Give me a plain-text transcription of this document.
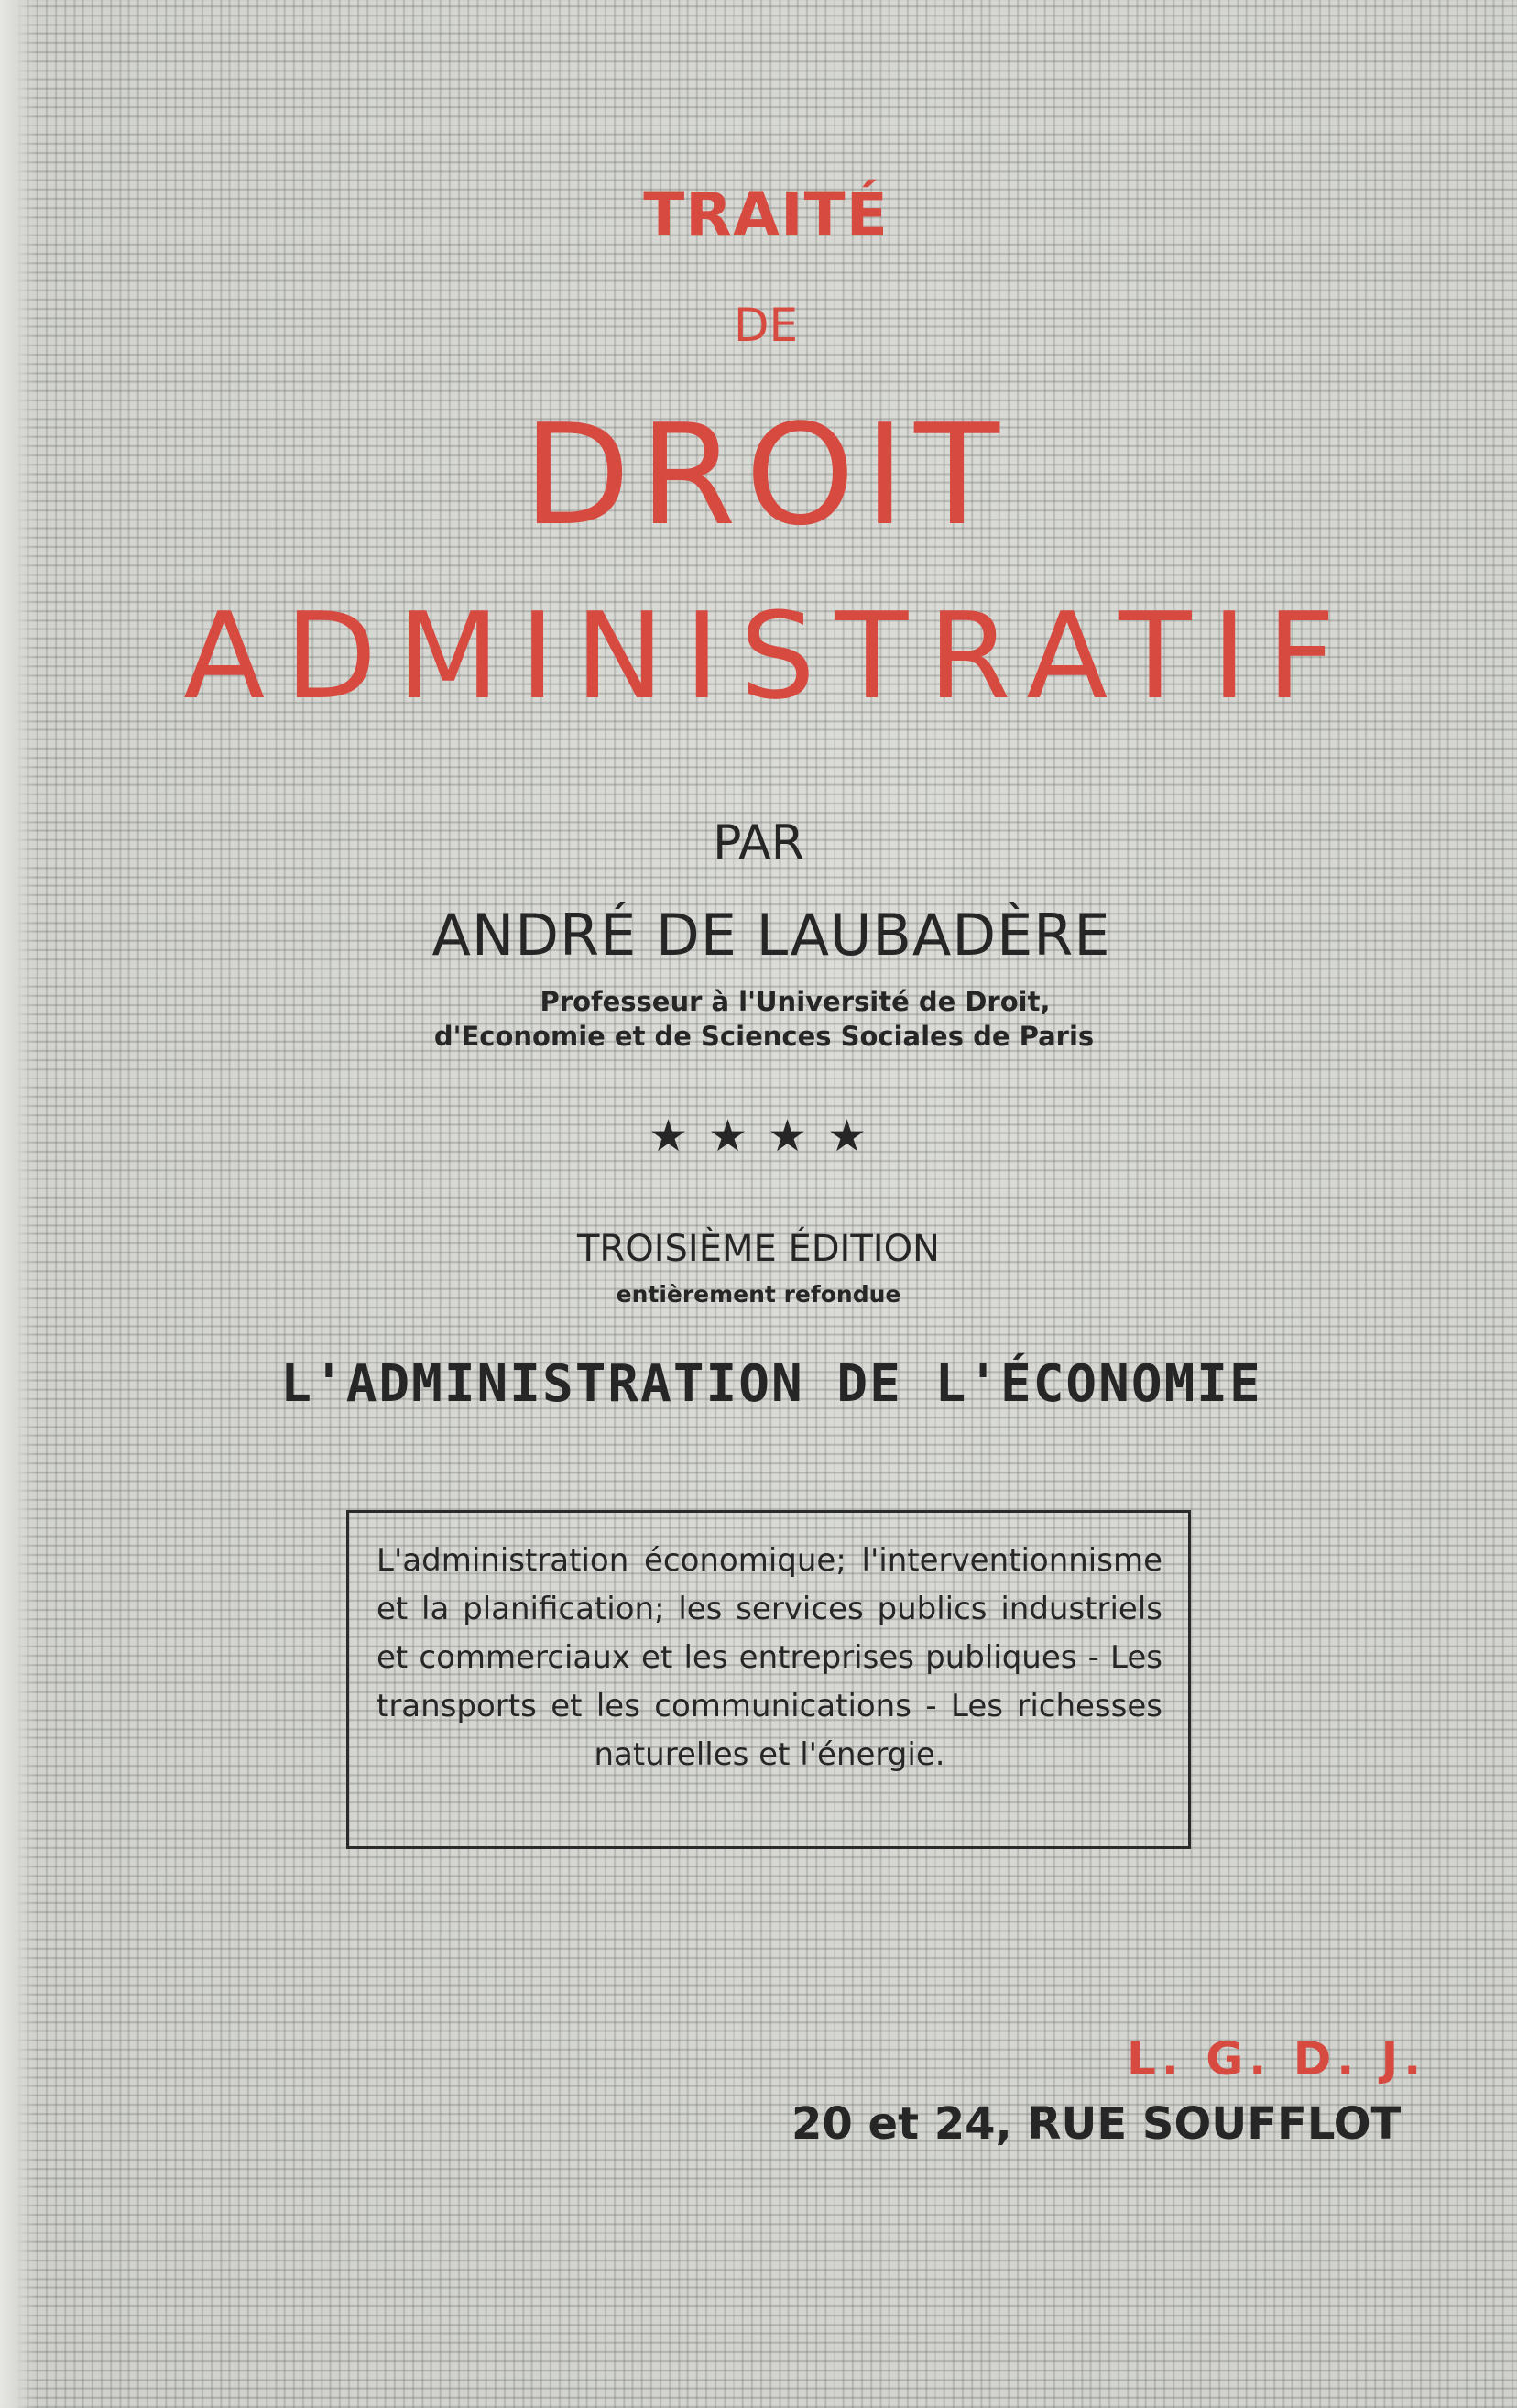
TRAITÉ
DE
DROIT
ADMINISTRATIF
PAR
ANDRÉ DE LAUBADÈRE
Professeur à l'Université de Droit,
d'Economie et de Sciences Sociales de Paris
★★★★
TROISIÈME ÉDITION
entièrement refondue
L'ADMINISTRATION DE L'ÉCONOMIE
L'administration économique; l'interventionnisme et la planification; les services publics industriels et commerciaux et les entreprises publiques - Les transports et les communications - Les richesses naturelles et l'énergie.
L. G. D. J.
20 et 24, RUE SOUFFLOT
